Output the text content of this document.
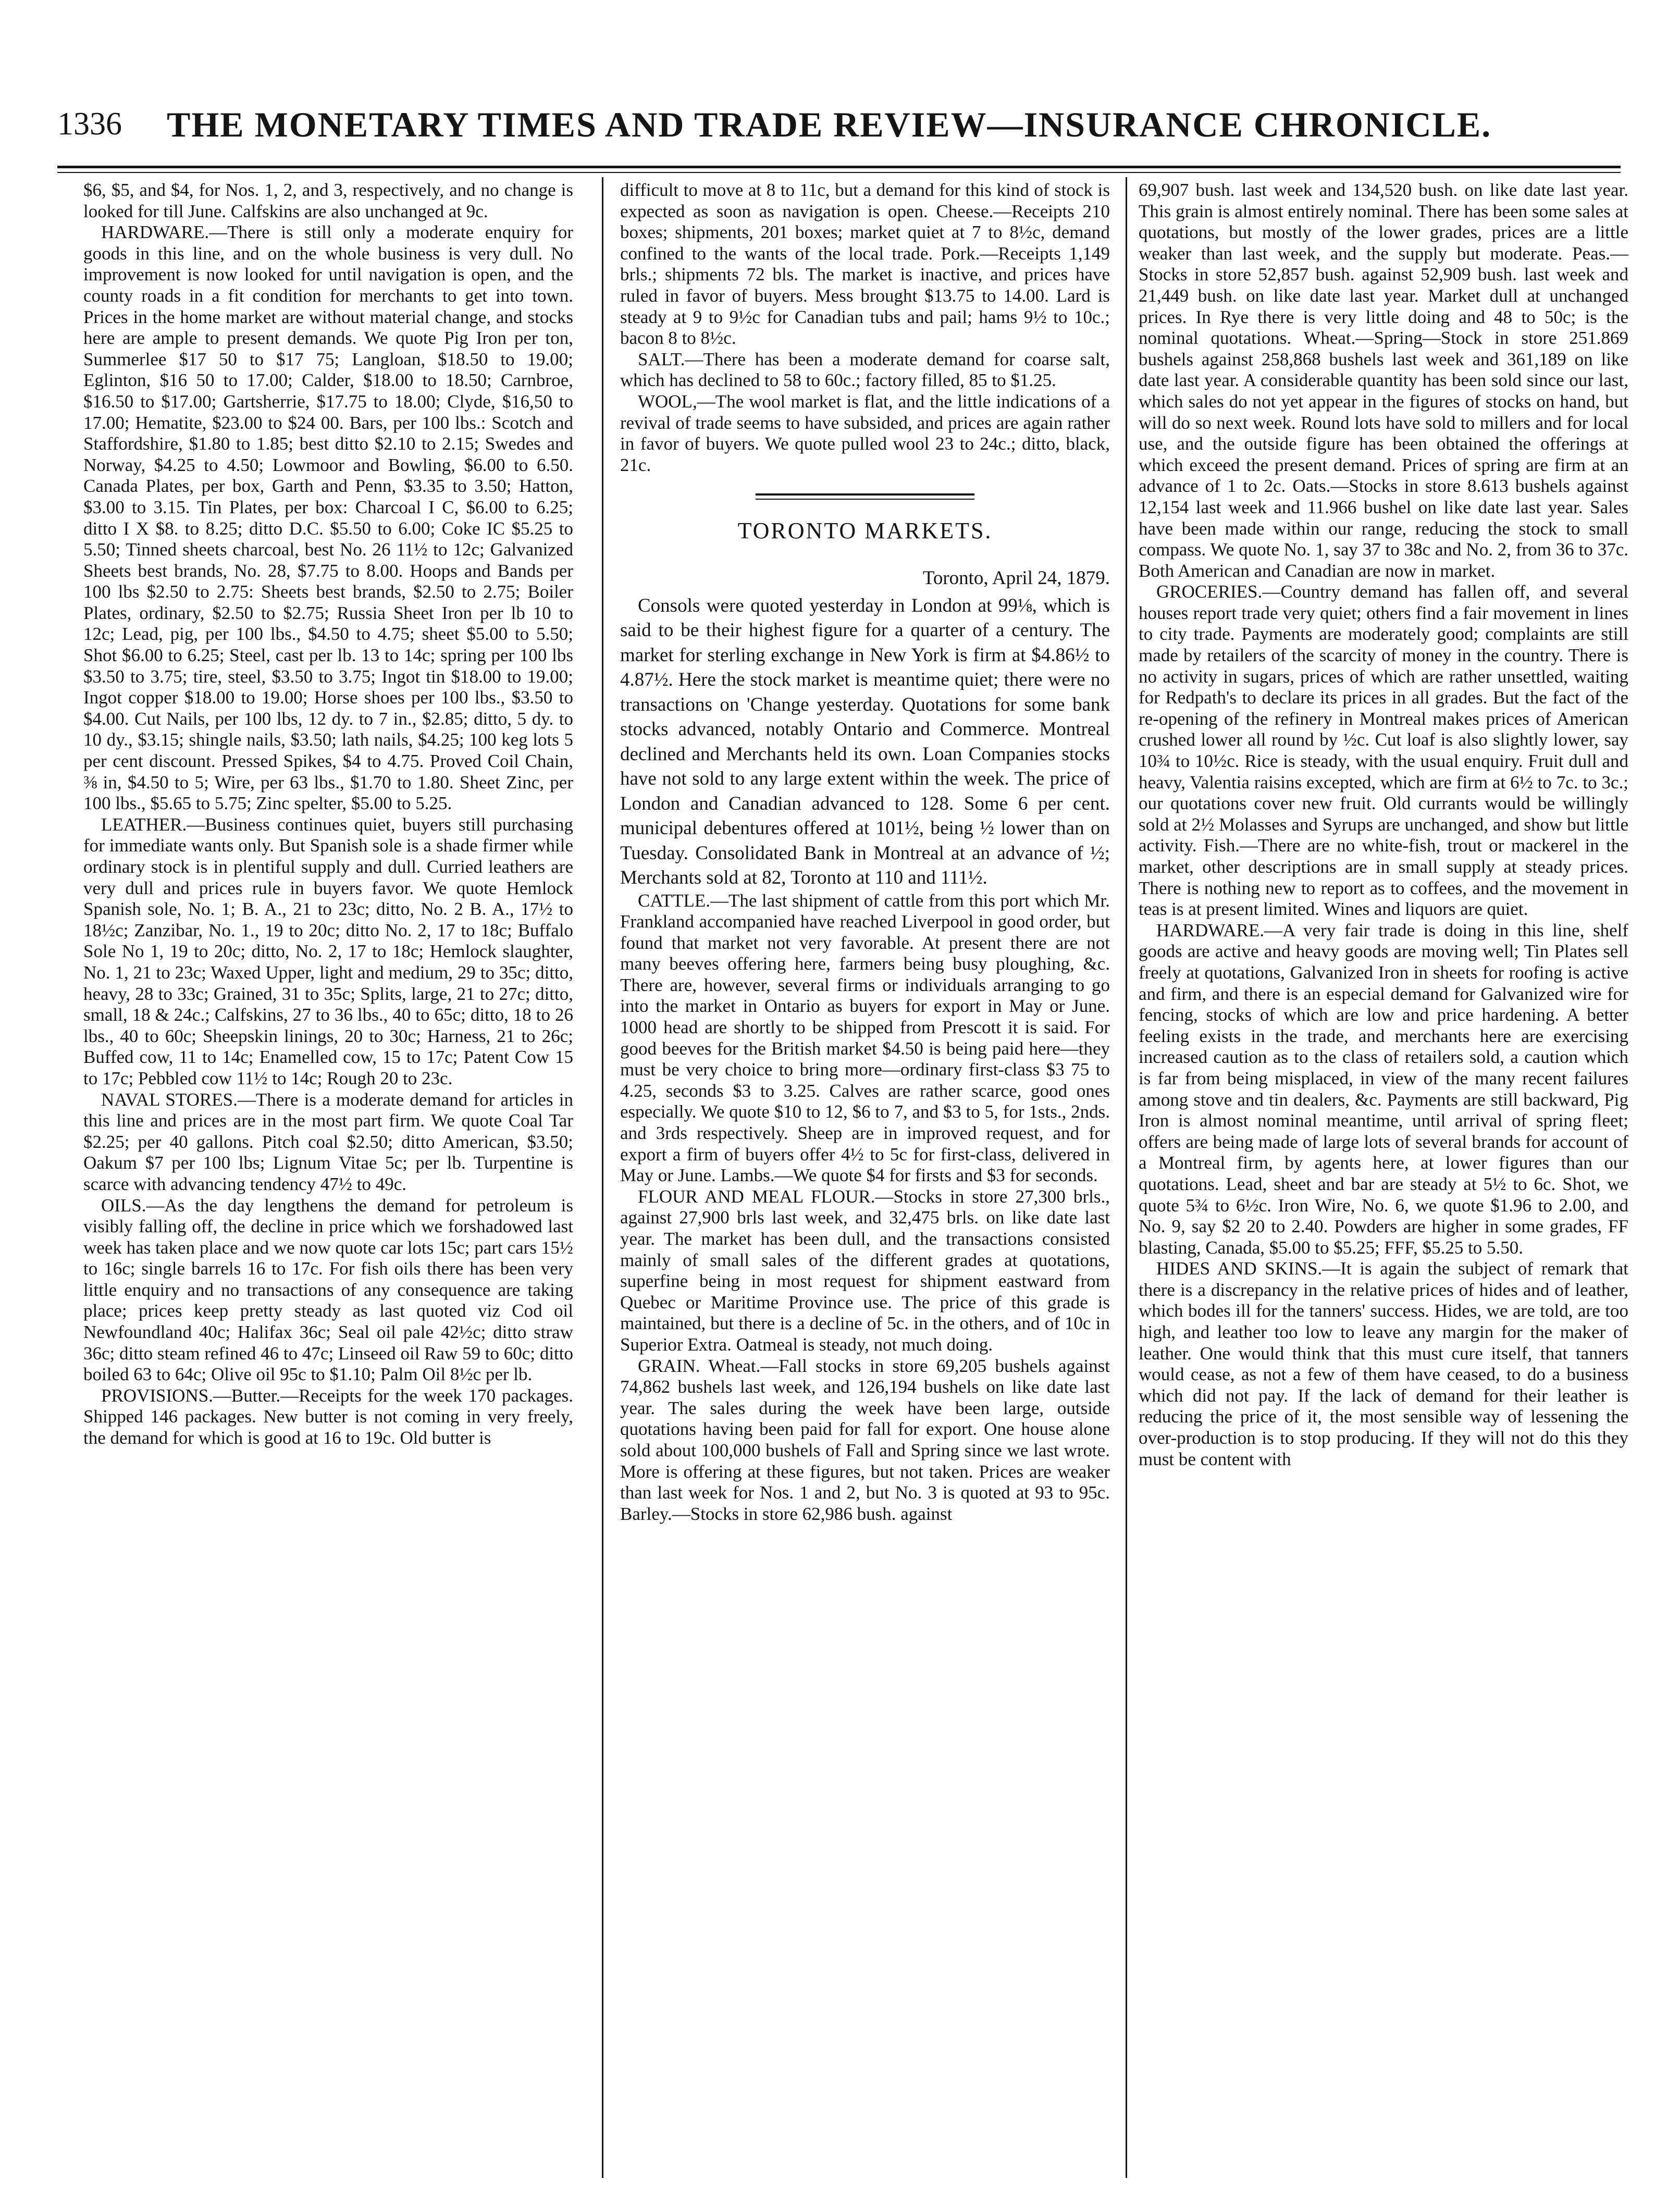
1336 THE MONETARY TIMES AND TRADE REVIEW—INSURANCE CHRONICLE.

$6, $5, and $4, for Nos. 1, 2, and 3, respectively, and no change is looked for till June. Calfskins are also unchanged at 9c.

HARDWARE.—There is still only a moderate enquiry for goods in this line, and on the whole business is very dull. No improvement is now looked for until navigation is open, and the county roads in a fit condition for merchants to get into town. Prices in the home market are without material change, and stocks here are ample to present demands. We quote Pig Iron per ton, Summerlee $17 50 to $17 75; Langloan, $18.50 to 19.00; Eglinton, $16 50 to 17.00; Calder, $18.00 to 18.50; Carnbroe, $16.50 to $17.00; Gartsherrie, $17.75 to 18.00; Clyde, $16,50 to 17.00; Hematite, $23.00 to $24 00. Bars, per 100 lbs.: Scotch and Staffordshire, $1.80 to 1.85; best ditto $2.10 to 2.15; Swedes and Norway, $4.25 to 4.50; Lowmoor and Bowling, $6.00 to 6.50. Canada Plates, per box, Garth and Penn, $3.35 to 3.50; Hatton, $3.00 to 3.15. Tin Plates, per box: Charcoal I C, $6.00 to 6.25; ditto I X $8. to 8.25; ditto D.C. $5.50 to 6.00; Coke IC $5.25 to 5.50; Tinned sheets charcoal, best No. 26 11½ to 12c; Galvanized Sheets best brands, No. 28, $7.75 to 8.00. Hoops and Bands per 100 lbs $2.50 to 2.75: Sheets best brands, $2.50 to 2.75; Boiler Plates, ordinary, $2.50 to $2.75; Russia Sheet Iron per lb 10 to 12c; Lead, pig, per 100 lbs., $4.50 to 4.75; sheet $5.00 to 5.50; Shot $6.00 to 6.25; Steel, cast per lb. 13 to 14c; spring per 100 lbs $3.50 to 3.75; tire, steel, $3.50 to 3.75; Ingot tin $18.00 to 19.00; Ingot copper $18.00 to 19.00; Horse shoes per 100 lbs., $3.50 to $4.00. Cut Nails, per 100 lbs, 12 dy. to 7 in., $2.85; ditto, 5 dy. to 10 dy., $3.15; shingle nails, $3.50; lath nails, $4.25; 100 keg lots 5 per cent discount. Pressed Spikes, $4 to 4.75. Proved Coil Chain, ⅜ in, $4.50 to 5; Wire, per 63 lbs., $1.70 to 1.80. Sheet Zinc, per 100 lbs., $5.65 to 5.75; Zinc spelter, $5.00 to 5.25.

LEATHER.—Business continues quiet, buyers still purchasing for immediate wants only. But Spanish sole is a shade firmer while ordinary stock is in plentiful supply and dull. Curried leathers are very dull and prices rule in buyers favor. We quote Hemlock Spanish sole, No. 1; B. A., 21 to 23c; ditto, No. 2 B. A., 17½ to 18½c; Zanzibar, No. 1., 19 to 20c; ditto No. 2, 17 to 18c; Buffalo Sole No 1, 19 to 20c; ditto, No. 2, 17 to 18c; Hemlock slaughter, No. 1, 21 to 23c; Waxed Upper, light and medium, 29 to 35c; ditto, heavy, 28 to 33c; Grained, 31 to 35c; Splits, large, 21 to 27c; ditto, small, 18 & 24c.; Calfskins, 27 to 36 lbs., 40 to 65c; ditto, 18 to 26 lbs., 40 to 60c; Sheepskin linings, 20 to 30c; Harness, 21 to 26c; Buffed cow, 11 to 14c; Enamelled cow, 15 to 17c; Patent Cow 15 to 17c; Pebbled cow 11½ to 14c; Rough 20 to 23c.

NAVAL STORES.—There is a moderate demand for articles in this line and prices are in the most part firm. We quote Coal Tar $2.25; per 40 gallons. Pitch coal $2.50; ditto American, $3.50; Oakum $7 per 100 lbs; Lignum Vitae 5c; per lb. Turpentine is scarce with advancing tendency 47½ to 49c.

OILS.—As the day lengthens the demand for petroleum is visibly falling off, the decline in price which we forshadowed last week has taken place and we now quote car lots 15c; part cars 15½ to 16c; single barrels 16 to 17c. For fish oils there has been very little enquiry and no transactions of any consequence are taking place; prices keep pretty steady as last quoted viz Cod oil Newfoundland 40c; Halifax 36c; Seal oil pale 42½c; ditto straw 36c; ditto steam refined 46 to 47c; Linseed oil Raw 59 to 60c; ditto boiled 63 to 64c; Olive oil 95c to $1.10; Palm Oil 8½c per lb.

PROVISIONS.—Butter.—Receipts for the week 170 packages. Shipped 146 packages. New butter is not coming in very freely, the demand for which is good at 16 to 19c. Old butter is

difficult to move at 8 to 11c, but a demand for this kind of stock is expected as soon as navigation is open. Cheese.—Receipts 210 boxes; shipments, 201 boxes; market quiet at 7 to 8½c, demand confined to the wants of the local trade. Pork.—Receipts 1,149 brls.; shipments 72 bls. The market is inactive, and prices have ruled in favor of buyers. Mess brought $13.75 to 14.00. Lard is steady at 9 to 9½c for Canadian tubs and pail; hams 9½ to 10c.; bacon 8 to 8½c.

SALT.—There has been a moderate demand for coarse salt, which has declined to 58 to 60c.; factory filled, 85 to $1.25.

WOOL,—The wool market is flat, and the little indications of a revival of trade seems to have subsided, and prices are again rather in favor of buyers. We quote pulled wool 23 to 24c.; ditto, black, 21c.

TORONTO MARKETS.

Toronto, April 24, 1879.

Consols were quoted yesterday in London at 99⅛, which is said to be their highest figure for a quarter of a century. The market for sterling exchange in New York is firm at $4.86½ to 4.87½. Here the stock market is meantime quiet; there were no transactions on 'Change yesterday. Quotations for some bank stocks advanced, notably Ontario and Commerce. Montreal declined and Merchants held its own. Loan Companies stocks have not sold to any large extent within the week. The price of London and Canadian advanced to 128. Some 6 per cent. municipal debentures offered at 101½, being ½ lower than on Tuesday. Consolidated Bank in Montreal at an advance of ½; Merchants sold at 82, Toronto at 110 and 111½.

CATTLE.—The last shipment of cattle from this port which Mr. Frankland accompanied have reached Liverpool in good order, but found that market not very favorable. At present there are not many beeves offering here, farmers being busy ploughing, &c. There are, however, several firms or individuals arranging to go into the market in Ontario as buyers for export in May or June. 1000 head are shortly to be shipped from Prescott it is said. For good beeves for the British market $4.50 is being paid here—they must be very choice to bring more—ordinary first-class $3 75 to 4.25, seconds $3 to 3.25. Calves are rather scarce, good ones especially. We quote $10 to 12, $6 to 7, and $3 to 5, for 1sts., 2nds. and 3rds respectively. Sheep are in improved request, and for export a firm of buyers offer 4½ to 5c for first-class, delivered in May or June. Lambs.—We quote $4 for firsts and $3 for seconds.

FLOUR AND MEAL FLOUR.—Stocks in store 27,300 brls., against 27,900 brls last week, and 32,475 brls. on like date last year. The market has been dull, and the transactions consisted mainly of small sales of the different grades at quotations, superfine being in most request for shipment eastward from Quebec or Maritime Province use. The price of this grade is maintained, but there is a decline of 5c. in the others, and of 10c in Superior Extra. Oatmeal is steady, not much doing.

GRAIN. Wheat.—Fall stocks in store 69,205 bushels against 74,862 bushels last week, and 126,194 bushels on like date last year. The sales during the week have been large, outside quotations having been paid for fall for export. One house alone sold about 100,000 bushels of Fall and Spring since we last wrote. More is offering at these figures, but not taken. Prices are weaker than last week for Nos. 1 and 2, but No. 3 is quoted at 93 to 95c. Barley.—Stocks in store 62,986 bush. against

69,907 bush. last week and 134,520 bush. on like date last year. This grain is almost entirely nominal. There has been some sales at quotations, but mostly of the lower grades, prices are a little weaker than last week, and the supply but moderate. Peas.—Stocks in store 52,857 bush. against 52,909 bush. last week and 21,449 bush. on like date last year. Market dull at unchanged prices. In Rye there is very little doing and 48 to 50c; is the nominal quotations. Wheat.—Spring—Stock in store 251.869 bushels against 258,868 bushels last week and 361,189 on like date last year. A considerable quantity has been sold since our last, which sales do not yet appear in the figures of stocks on hand, but will do so next week. Round lots have sold to millers and for local use, and the outside figure has been obtained the offerings at which exceed the present demand. Prices of spring are firm at an advance of 1 to 2c. Oats.—Stocks in store 8.613 bushels against 12,154 last week and 11.966 bushel on like date last year. Sales have been made within our range, reducing the stock to small compass. We quote No. 1, say 37 to 38c and No. 2, from 36 to 37c. Both American and Canadian are now in market.

GROCERIES.—Country demand has fallen off, and several houses report trade very quiet; others find a fair movement in lines to city trade. Payments are moderately good; complaints are still made by retailers of the scarcity of money in the country. There is no activity in sugars, prices of which are rather unsettled, waiting for Redpath's to declare its prices in all grades. But the fact of the re-opening of the refinery in Montreal makes prices of American crushed lower all round by ½c. Cut loaf is also slightly lower, say 10¾ to 10½c. Rice is steady, with the usual enquiry. Fruit dull and heavy, Valentia raisins excepted, which are firm at 6½ to 7c. to 3c.; our quotations cover new fruit. Old currants would be willingly sold at 2½ Molasses and Syrups are unchanged, and show but little activity. Fish.—There are no white-fish, trout or mackerel in the market, other descriptions are in small supply at steady prices. There is nothing new to report as to coffees, and the movement in teas is at present limited. Wines and liquors are quiet.

HARDWARE.—A very fair trade is doing in this line, shelf goods are active and heavy goods are moving well; Tin Plates sell freely at quotations, Galvanized Iron in sheets for roofing is active and firm, and there is an especial demand for Galvanized wire for fencing, stocks of which are low and price hardening. A better feeling exists in the trade, and merchants here are exercising increased caution as to the class of retailers sold, a caution which is far from being misplaced, in view of the many recent failures among stove and tin dealers, &c. Payments are still backward, Pig Iron is almost nominal meantime, until arrival of spring fleet; offers are being made of large lots of several brands for account of a Montreal firm, by agents here, at lower figures than our quotations. Lead, sheet and bar are steady at 5½ to 6c. Shot, we quote 5¾ to 6½c. Iron Wire, No. 6, we quote $1.96 to 2.00, and No. 9, say $2 20 to 2.40. Powders are higher in some grades, FF blasting, Canada, $5.00 to $5.25; FFF, $5.25 to 5.50.

HIDES AND SKINS.—It is again the subject of remark that there is a discrepancy in the relative prices of hides and of leather, which bodes ill for the tanners' success. Hides, we are told, are too high, and leather too low to leave any margin for the maker of leather. One would think that this must cure itself, that tanners would cease, as not a few of them have ceased, to do a business which did not pay. If the lack of demand for their leather is reducing the price of it, the most sensible way of lessening the over-production is to stop producing. If they will not do this they must be content with
